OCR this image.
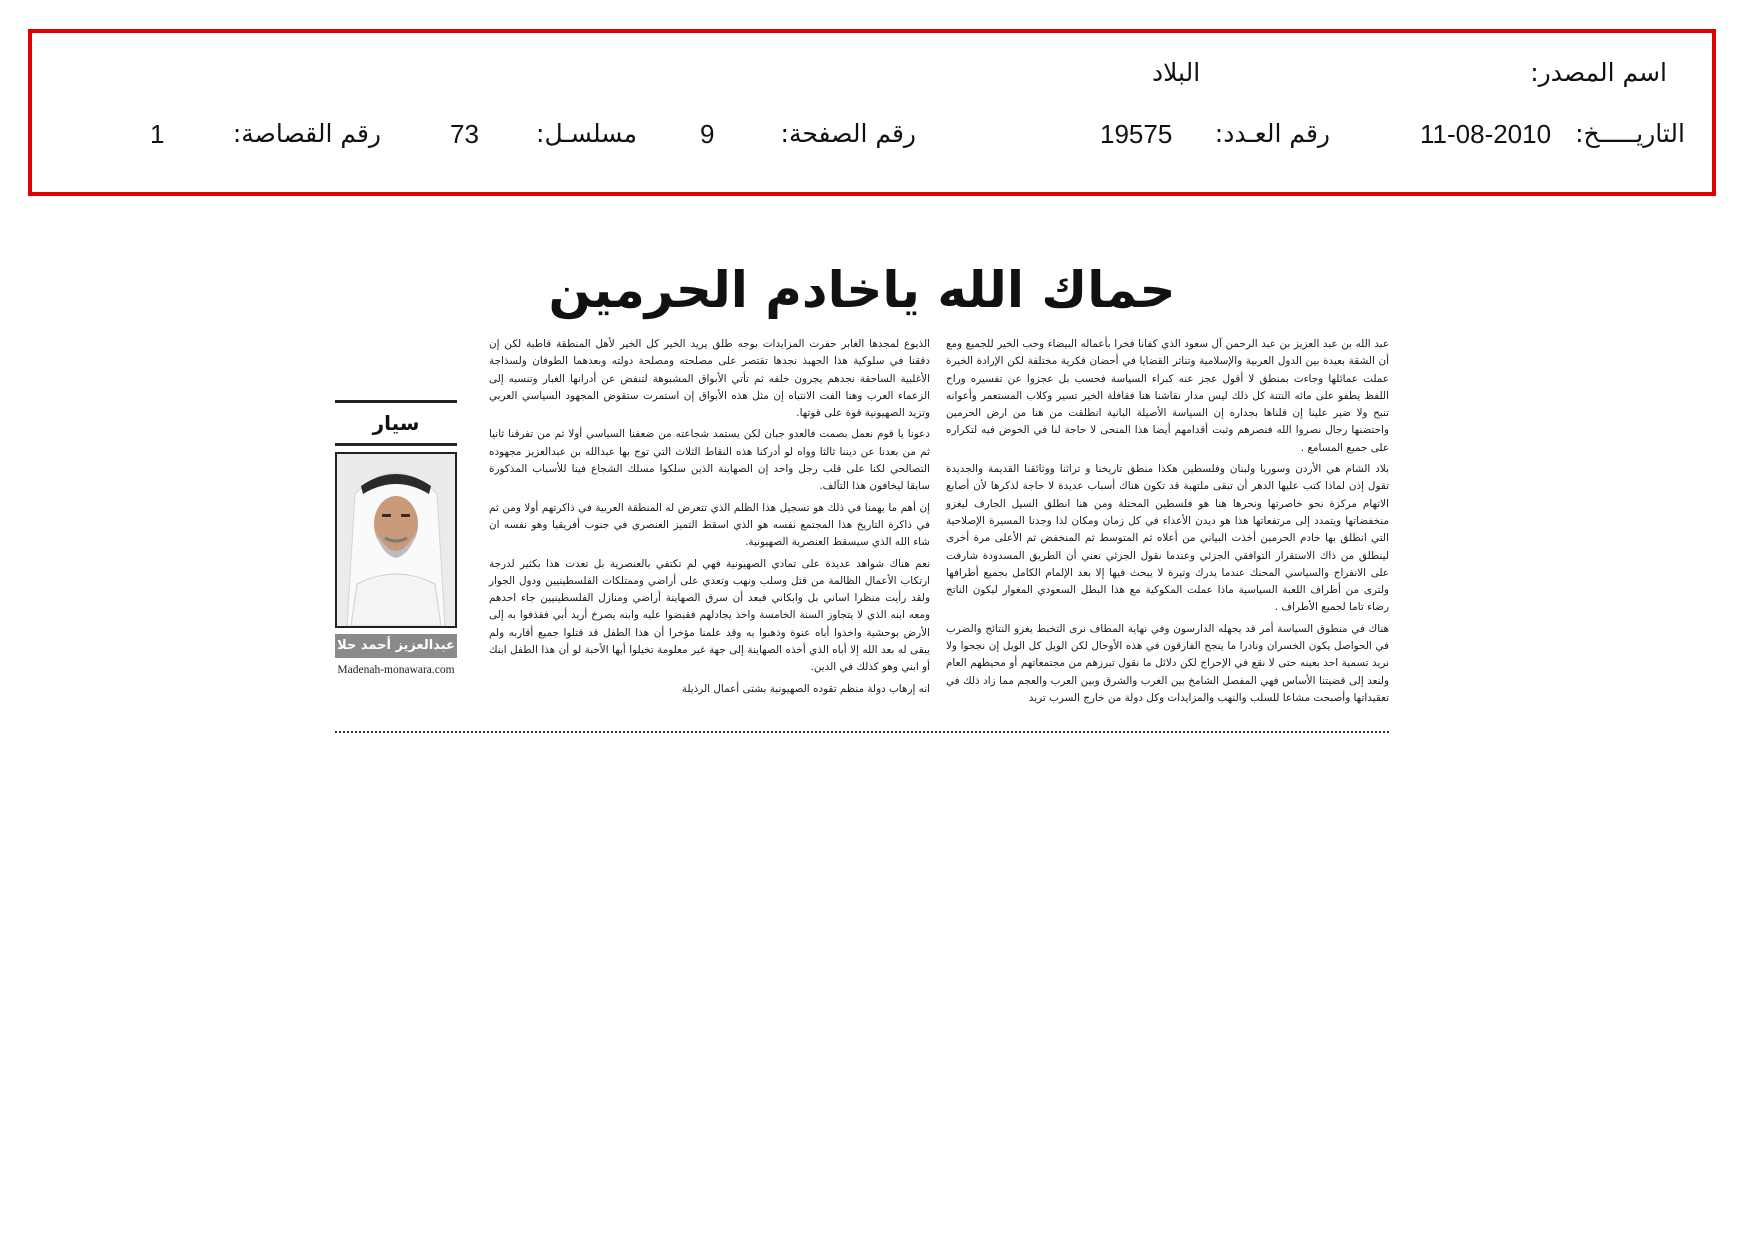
اسم المصدر:
البلاد
التاريـــــخ:
11-08-2010
رقم العـدد:
19575
رقم الصفحة:
9
مسلسـل:
73
رقم القصاصة:
1
حماك الله ياخادم الحرمين

عبد الله بن عبد العزيز بن عبد الرحمن آل سعود الذي كفانا فخرا بأعماله البيضاء وحب الخير للجميع ومع أن الشقة بعيدة بين الدول العربية والإسلامية وتناثر القضايا في أحضان فكرية مختلفة لكن الإرادة الخيرة عملت عمائلها وجاءت بمنطق لا أقول عجز عنه كبراء السياسة فحسب بل عجزوا عن تفسيره وراح اللفظ يطفو على مائه النتنة كل ذلك ليس مدار نقاشنا هنا فقافلة الخير تسير وكلاب المستعمر وأعوانه تنبح ولا ضير علينا إن قلناها بجداره إن السياسة الأصيلة البانية انطلقت من هنا من ارض الحرمين واحتضنها رجال نصروا الله فنصرهم وثبت أقدامهم أيضا هذا المنحى لا حاجة لنا في الخوض فيه لتكراره على جميع المسامع .

بلاد الشام هي الأردن وسوريا ولبنان وفلسطين هكذا منطق تاريخنا و تراثنا ووثائقنا القديمة والجديدة تقول إذن لماذا كتب عليها الدهر أن تبقى ملتهبة قد تكون هناك أسباب عديدة لا حاجة لذكرها لأن أصابع الاتهام مركزة نحو خاصرتها ونحرها هنا هو فلسطين المحتلة ومن هنا انطلق السيل الجارف ليغزو منخفضاتها ويتمدد إلى مرتفعاتها هذا هو ديدن الأعداء في كل زمان ومكان لذا وجدنا المسيرة الإصلاحية التي انطلق بها خادم الحرمين أخذت البياني من أعلاه ثم المتوسط ثم المنخفض ثم الأعلى مرة أخرى لينطلق من ذاك الاستقرار التوافقي الجزئي وعندما نقول الجزئي نعني أن الطريق المسدودة شارفت على الانفراج والسياسي المحنك عندما يدرك وتيرة لا يبحث فيها إلا بعد الإلمام الكامل بجميع أطرافها ولترى من أطراف اللعبة السياسية ماذا عملت المكوكية مع هذا البطل السعودي المغوار ليكون الناتج رضاء تاما لجميع الأطراف .

هناك في منطوق السياسة أمر قد يجهله الدارسون وفي نهاية المطاف نرى التخبط يغزو النتائج والضرب في الحواصل يكون الخسران ونادرا ما ينجح الفارقون في هذه الأوحال لكن الويل كل الويل إن نجحوا ولا نريد تسمية احد بعينه حتى لا نقع في الإحراج لكن دلائل ما نقول تبرزهم من مجتمعاتهم أو محيطهم العام ولنعد إلى قضيتنا الأساس فهي المفصل الشامخ بين الغرب والشرق وبين العرب والعجم مما زاد ذلك في تعقيداتها وأصبحت مشاعا للسلب والنهب والمزايدات وكل دولة من خارج السرب تريد

الذيوع لمجدها الغابر حفرت المزايدات بوجه طلق يريد الخير كل الخير لأهل المنطقة قاطبة لكن إن دققنا في سلوكية هذا الجهبذ نجدها تقتصر على مصلحته ومصلحة دولته وبعدهما الطوفان ولسذاجة الأغلبية الساحقة نجدهم يجرون خلفه ثم تأتي الأبواق المشبوهة لتنفض عن أدرانها الغبار وتنسبه إلى الزعماء العرب وهنا الفت الانتباه إن مثل هذه الأبواق إن استمرت ستقوض المجهود السياسي العربي وتزيد الصهيونية قوة على قوتها.

دعونا يا قوم نعمل بصمت فالعدو جبان لكن يستمد شجاعته من ضعفنا السياسي أولا ثم من تفرقنا ثانيا ثم من بعدنا عن ديننا ثالثا وواه لو أدركنا هذه النقاط الثلاث التي توج بها عبدالله بن عبدالعزيز مجهوده التصالحي لكنا على قلب رجل واحد إن الصهاينة الذين سلكوا مسلك الشجاع فينا للأسباب المذكورة سابقا ليخافون هذا التآلف.

إن أهم ما يهمنا في ذلك هو تسجيل هذا الظلم الذي تتعرض له المنطقة العربية في ذاكرتهم أولا ومن ثم في ذاكرة التاريخ هذا المجتمع نفسه هو الذي اسقط التميز العنصري في جنوب أفريقيا وهو نفسه ان شاء الله الذي سيسقط العنصرية الصهيونية.

نعم هناك شواهد عديدة على تمادي الصهيونية فهي لم تكتفي بالعنصرية بل تعدت هذا بكثير لدرجة ارتكاب الأعمال الظالمة من قتل وسلب ونهب وتعدي على أراضي وممتلكات الفلسطينيين ودول الجوار ولقد رأيت منظرا اساني بل وابكاني فبعد أن سرق الصهاينة أراضي ومنازل الفلسطينيين جاء احدهم ومعه ابنه الذي لا يتجاوز السنة الخامسة واخذ يجادلهم فقبضوا عليه وابنه يصرخ أريد أبي فقذفوا به إلى الأرض بوحشية واخذوا أباه عنوة وذهبوا به وقد علمنا مؤخرا أن هذا الطفل قد قتلوا جميع أقاربه ولم يبقى له بعد الله إلا أباه الذي أخذه الصهاينة إلى جهة غير معلومة تخيلوا أيها الأحبة لو أن هذا الطفل ابنك أو ابني وهو كذلك في الدين.

انه إرهاب دولة منظم تقوده الصهيونية بشتى أعمال الرذيلة

سيار
عبدالعزيز أحمد حلا
Madenah-monawara.com
